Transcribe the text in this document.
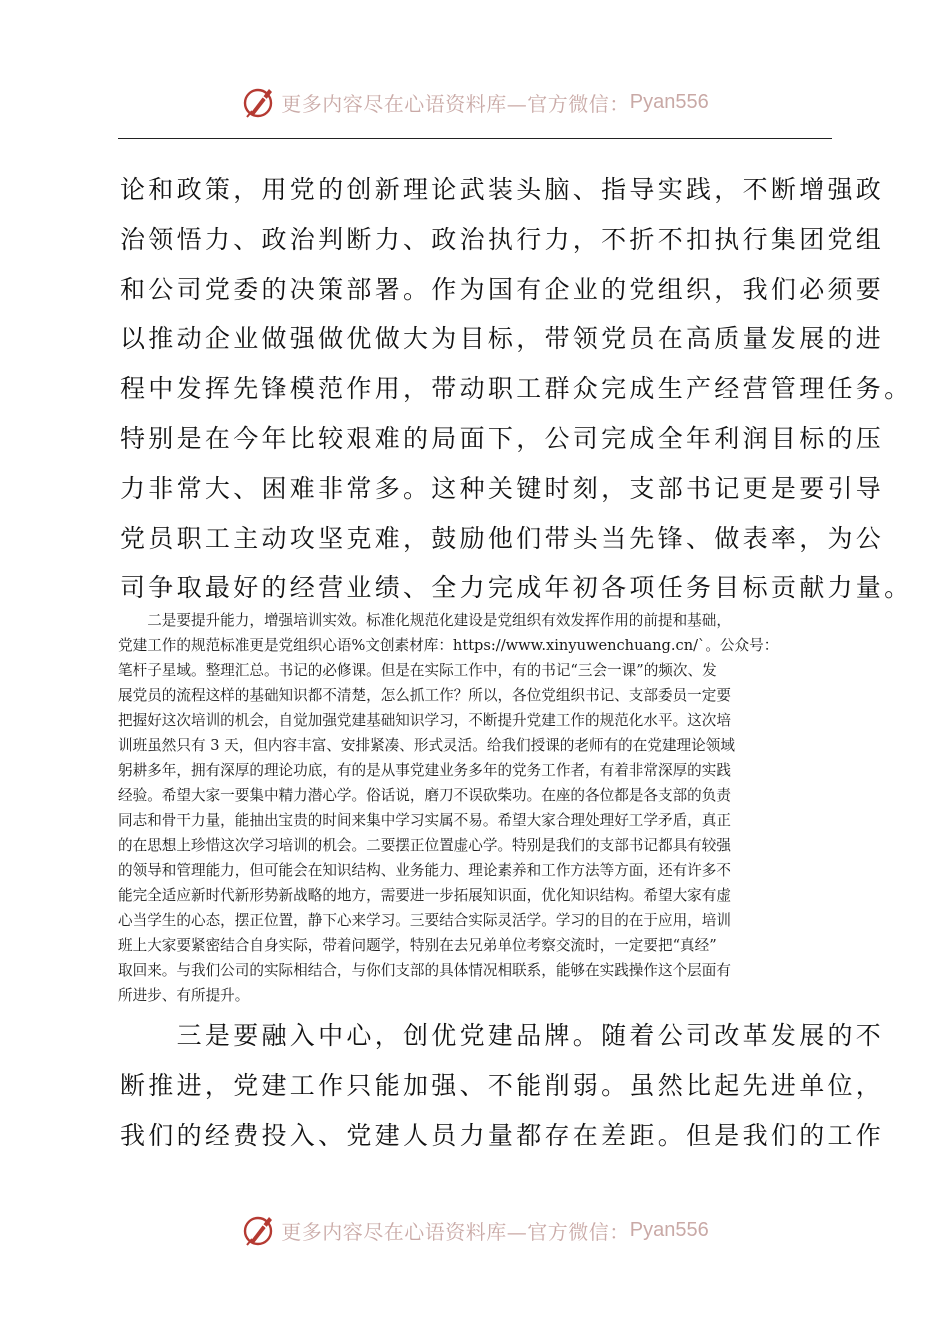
更多内容尽在心语资料库—官方微信： Pyan556
论和政策，用党的创新理论武装头脑、指导实践，不断增强政
治领悟力、政治判断力、政治执行力，不折不扣执行集团党组
和公司党委的决策部署。作为国有企业的党组织，我们必须要
以推动企业做强做优做大为目标，带领党员在高质量发展的进
程中发挥先锋模范作用，带动职工群众完成生产经营管理任务。
特别是在今年比较艰难的局面下，公司完成全年利润目标的压
力非常大、困难非常多。这种关键时刻，支部书记更是要引导
党员职工主动攻坚克难，鼓励他们带头当先锋、做表率，为公
司争取最好的经营业绩、全力完成年初各项任务目标贡献力量。
　　二是要提升能力，增强培训实效。标准化规范化建设是党组织有效发挥作用的前提和基础，
党建工作的规范标准更是党组织心语%文创素材库：https://www.xinyuwenchuang.cn/`。公众号：
笔杆子星域。整理汇总。书记的必修课。但是在实际工作中，有的书记“三会一课”的频次、发
展党员的流程这样的基础知识都不清楚，怎么抓工作？所以，各位党组织书记、支部委员一定要
把握好这次培训的机会，自觉加强党建基础知识学习，不断提升党建工作的规范化水平。这次培
训班虽然只有 3 天，但内容丰富、安排紧凑、形式灵活。给我们授课的老师有的在党建理论领域
躬耕多年，拥有深厚的理论功底，有的是从事党建业务多年的党务工作者，有着非常深厚的实践
经验。希望大家一要集中精力潜心学。俗话说，磨刀不误砍柴功。在座的各位都是各支部的负责
同志和骨干力量，能抽出宝贵的时间来集中学习实属不易。希望大家合理处理好工学矛盾，真正
的在思想上珍惜这次学习培训的机会。二要摆正位置虚心学。特别是我们的支部书记都具有较强
的领导和管理能力，但可能会在知识结构、业务能力、理论素养和工作方法等方面，还有许多不
能完全适应新时代新形势新战略的地方，需要进一步拓展知识面，优化知识结构。希望大家有虚
心当学生的心态，摆正位置，静下心来学习。三要结合实际灵活学。学习的目的在于应用，培训
班上大家要紧密结合自身实际，带着问题学，特别在去兄弟单位考察交流时，一定要把“真经”
取回来。与我们公司的实际相结合，与你们支部的具体情况相联系，能够在实践操作这个层面有
所进步、有所提升。
　　三是要融入中心，创优党建品牌。随着公司改革发展的不
断推进，党建工作只能加强、不能削弱。虽然比起先进单位，
我们的经费投入、党建人员力量都存在差距。但是我们的工作
更多内容尽在心语资料库—官方微信： Pyan556
